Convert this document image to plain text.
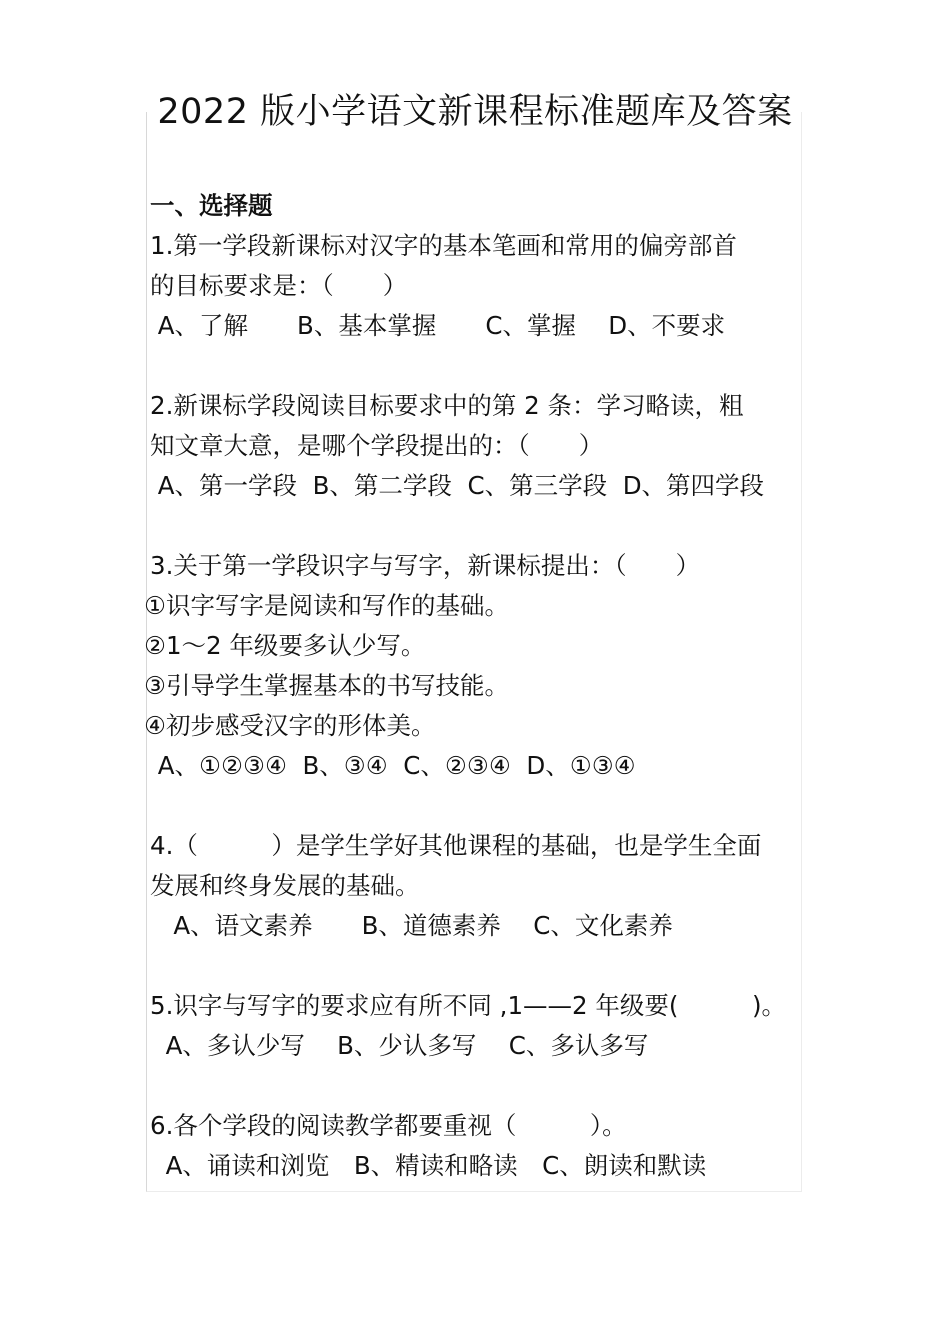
2022 版小学语文新课程标准题库及答案
一、选择题
1.第一学段新课标对汉字的基本笔画和常用的偏旁部首
的目标要求是：（　　）
A、了解　　B、基本掌握　　C、掌握　 D、不要求
2.新课标学段阅读目标要求中的第 2 条：学习略读，粗
知文章大意，是哪个学段提出的：（　　）
A、第一学段  B、第二学段  C、第三学段  D、第四学段
3.关于第一学段识字与写字，新课标提出：（　　）
①识字写字是阅读和写作的基础。
②1～2 年级要多认少写。
③引导学生掌握基本的书写技能。
④初步感受汉字的形体美。
A、①②③④  B、③④  C、②③④  D、①③④
4.（　　　）是学生学好其他课程的基础，也是学生全面
发展和终身发展的基础。
A、语文素养　　B、道德素养　 C、文化素养
5.识字与写字的要求应有所不同 ,1——2 年级要(　　　)。
A、多认少写　 B、少认多写　 C、多认多写
6.各个学段的阅读教学都要重视（　　　）。
A、诵读和浏览　B、精读和略读　C、朗读和默读
